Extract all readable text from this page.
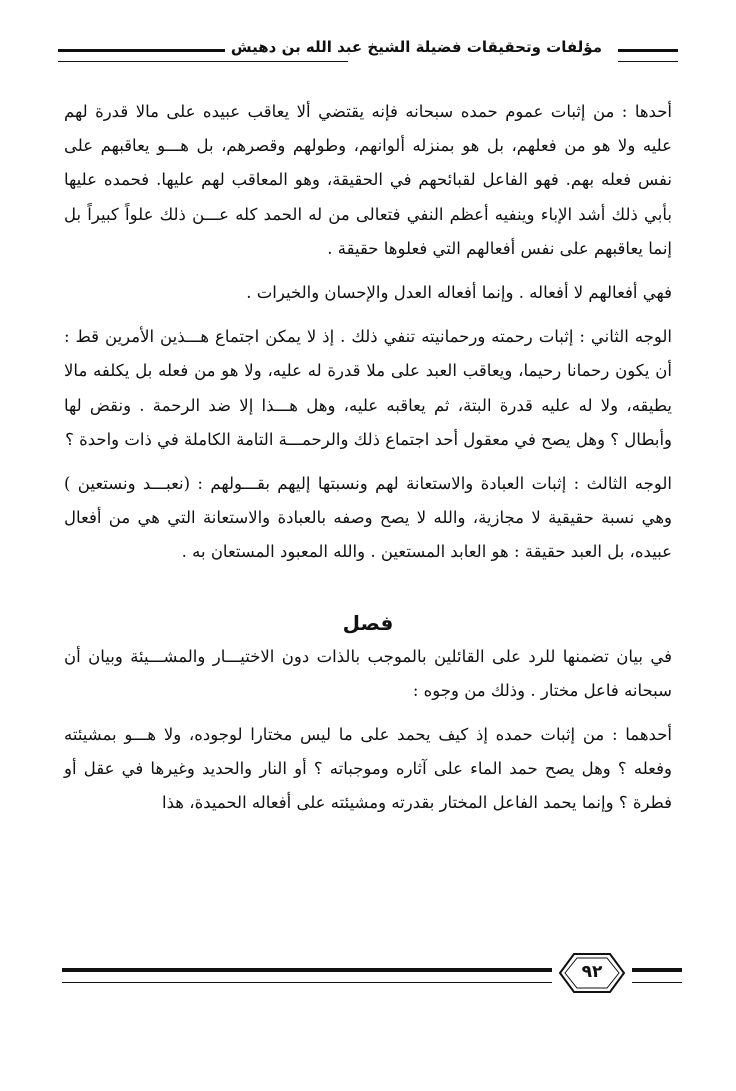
مؤلفات وتحقيقات فضيلة الشيخ عبد الله بن دهيش

أحدها : من إثبات عموم حمده سبحانه فإنه يقتضي ألا يعاقب عبيده على مالا قدرة لهم عليه ولا هو من فعلهم، بل هو بمنزله ألوانهم، وطولهم وقصرهم، بل هـــو يعاقبهم على نفس فعله بهم. فهو الفاعل لقبائحهم في الحقيقة، وهو المعاقب لهم عليها. فحمده عليها بأبي ذلك أشد الإباء وينفيه أعظم النفي فتعالى من له الحمد كله عـــن ذلك علواً كبيراً بل إنما يعاقبهم على نفس أفعالهم التي فعلوها حقيقة .

فهي أفعالهم لا أفعاله . وإنما أفعاله العدل والإحسان والخيرات .

الوجه الثاني : إثبات رحمته ورحمانيته تنفي ذلك . إذ لا يمكن اجتماع هـــذين الأمرين قط : أن يكون رحمانا رحيما، ويعاقب العبد على ملا قدرة له عليه، ولا هو من فعله بل يكلفه مالا يطيقه، ولا له عليه قدرة البتة، ثم يعاقبه عليه، وهل هـــذا إلا ضد الرحمة . ونقض لها وأبطال ؟ وهل يصح في معقول أحد اجتماع ذلك والرحمـــة التامة الكاملة في ذات واحدة ؟

الوجه الثالث : إثبات العبادة والاستعانة لهم ونسبتها إليهم بقـــولهم : (نعبـــد ونستعين ) وهي نسبة حقيقية لا مجازية، والله لا يصح وصفه بالعبادة والاستعانة التي هي من أفعال عبيده، بل العبد حقيقة : هو العابد المستعين . والله المعبود المستعان به .

فصل

في بيان تضمنها للرد على القائلين بالموجب بالذات دون الاختيـــار والمشـــيئة وبيان أن سبحانه فاعل مختار . وذلك من وجوه :

أحدهما : من إثبات حمده إذ كيف يحمد على ما ليس مختارا لوجوده، ولا هـــو بمشيئته وفعله ؟ وهل يصح حمد الماء على آثاره وموجباته ؟ أو النار والحديد وغيرها في عقل أو فطرة ؟ وإنما يحمد الفاعل المختار بقدرته ومشيئته على أفعاله الحميدة، هذا

٩٢
